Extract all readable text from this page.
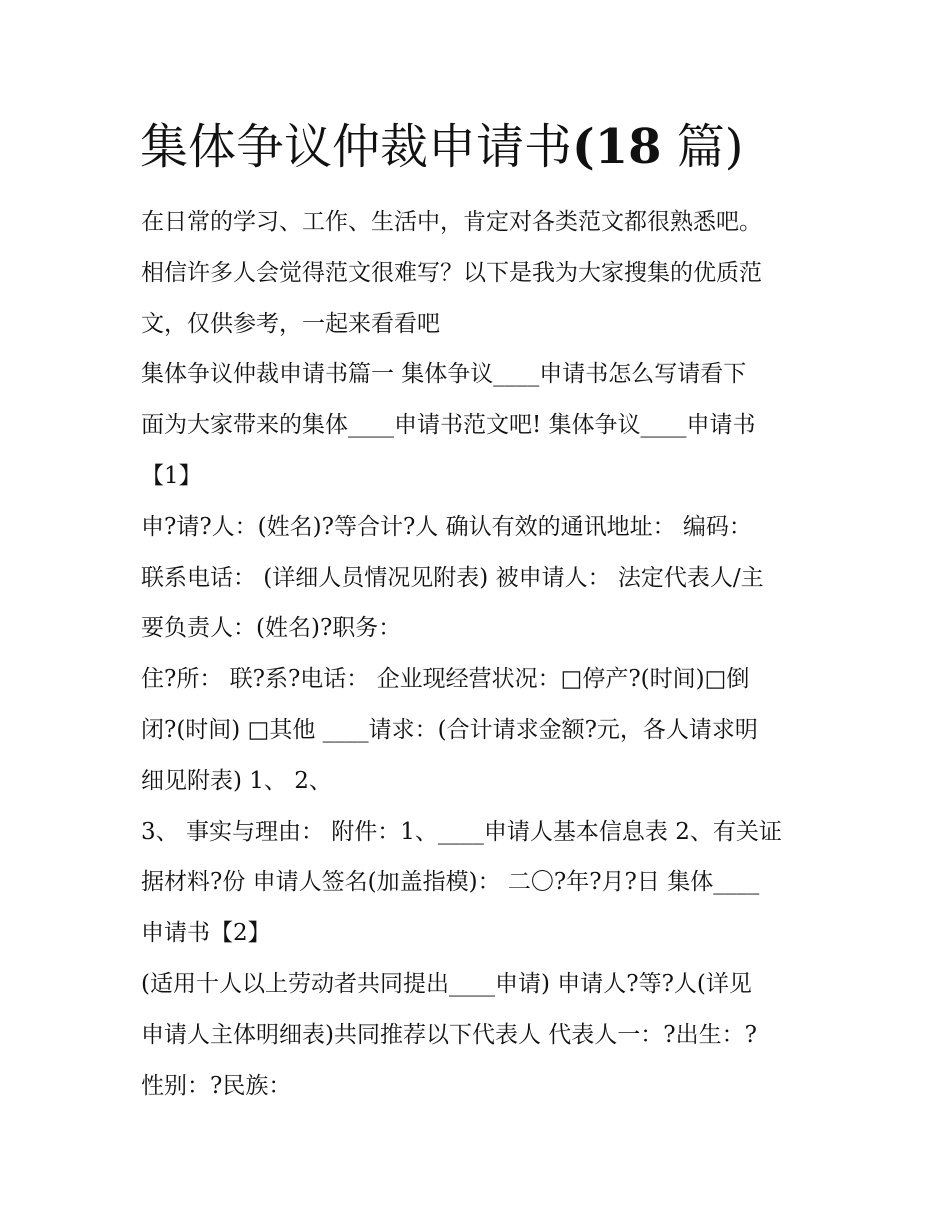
集体争议仲裁申请书(18 篇)
在日常的学习、工作、生活中，肯定对各类范文都很熟悉吧。
相信许多人会觉得范文很难写？以下是我为大家搜集的优质范
文，仅供参考，一起来看看吧
集体争议仲裁申请书篇一 集体争议____申请书怎么写请看下
面为大家带来的集体____申请书范文吧! 集体争议____申请书
【1】
申?请?人：(姓名)?等合计?人 确认有效的通讯地址： 编码：
联系电话： (详细人员情况见附表) 被申请人： 法定代表人/主
要负责人：(姓名)?职务：
住?所： 联?系?电话： 企业现经营状况：□停产?(时间)□倒
闭?(时间) □其他 ____请求：(合计请求金额?元，各人请求明
细见附表) 1、 2、
3、 事实与理由： 附件：1、____申请人基本信息表 2、有关证
据材料?份 申请人签名(加盖指模)： 二〇?年?月?日 集体____
申请书【2】
(适用十人以上劳动者共同提出____申请) 申请人?等?人(详见
申请人主体明细表)共同推荐以下代表人 代表人一：?出生：?
性别：?民族：
